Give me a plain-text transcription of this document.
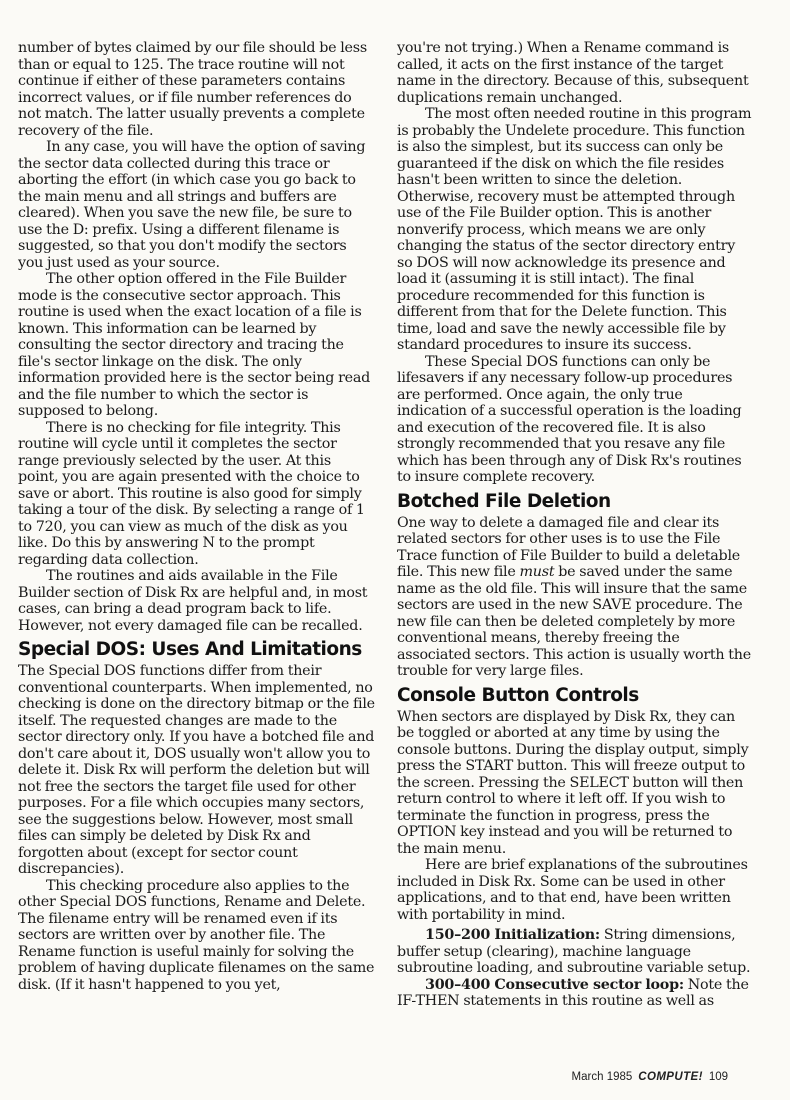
number of bytes claimed by our file should be less than or equal to 125. The trace routine will not continue if either of these parameters contains incorrect values, or if file number references do not match. The latter usually prevents a complete recovery of the file.

In any case, you will have the option of saving the sector data collected during this trace or aborting the effort (in which case you go back to the main menu and all strings and buffers are cleared). When you save the new file, be sure to use the D: prefix. Using a different filename is suggested, so that you don't modify the sectors you just used as your source.

The other option offered in the File Builder mode is the consecutive sector approach. This routine is used when the exact location of a file is known. This information can be learned by consulting the sector directory and tracing the file's sector linkage on the disk. The only information provided here is the sector being read and the file number to which the sector is supposed to belong.

There is no checking for file integrity. This routine will cycle until it completes the sector range previously selected by the user. At this point, you are again presented with the choice to save or abort. This routine is also good for simply taking a tour of the disk. By selecting a range of 1 to 720, you can view as much of the disk as you like. Do this by answering N to the prompt regarding data collection.

The routines and aids available in the File Builder section of Disk Rx are helpful and, in most cases, can bring a dead program back to life. However, not every damaged file can be recalled.

Special DOS: Uses And Limitations

The Special DOS functions differ from their conventional counterparts. When implemented, no checking is done on the directory bitmap or the file itself. The requested changes are made to the sector directory only. If you have a botched file and don't care about it, DOS usually won't allow you to delete it. Disk Rx will perform the deletion but will not free the sectors the target file used for other purposes. For a file which occupies many sectors, see the suggestions below. However, most small files can simply be deleted by Disk Rx and forgotten about (except for sector count discrepancies).

This checking procedure also applies to the other Special DOS functions, Rename and Delete. The filename entry will be renamed even if its sectors are written over by another file. The Rename function is useful mainly for solving the problem of having duplicate filenames on the same disk. (If it hasn't happened to you yet,

you're not trying.) When a Rename command is called, it acts on the first instance of the target name in the directory. Because of this, subsequent duplications remain unchanged.

The most often needed routine in this program is probably the Undelete procedure. This function is also the simplest, but its success can only be guaranteed if the disk on which the file resides hasn't been written to since the deletion. Otherwise, recovery must be attempted through use of the File Builder option. This is another nonverify process, which means we are only changing the status of the sector directory entry so DOS will now acknowledge its presence and load it (assuming it is still intact). The final procedure recommended for this function is different from that for the Delete function. This time, load and save the newly accessible file by standard procedures to insure its success.

These Special DOS functions can only be lifesavers if any necessary follow-up procedures are performed. Once again, the only true indication of a successful operation is the loading and execution of the recovered file. It is also strongly recommended that you resave any file which has been through any of Disk Rx's routines to insure complete recovery.

Botched File Deletion

One way to delete a damaged file and clear its related sectors for other uses is to use the File Trace function of File Builder to build a deletable file. This new file must be saved under the same name as the old file. This will insure that the same sectors are used in the new SAVE procedure. The new file can then be deleted completely by more conventional means, thereby freeing the associated sectors. This action is usually worth the trouble for very large files.

Console Button Controls

When sectors are displayed by Disk Rx, they can be toggled or aborted at any time by using the console buttons. During the display output, simply press the START button. This will freeze output to the screen. Pressing the SELECT button will then return control to where it left off. If you wish to terminate the function in progress, press the OPTION key instead and you will be returned to the main menu.

Here are brief explanations of the subroutines included in Disk Rx. Some can be used in other applications, and to that end, have been written with portability in mind.

150–200 Initialization: String dimensions, buffer setup (clearing), machine language subroutine loading, and subroutine variable setup.

300–400 Consecutive sector loop: Note the IF-THEN statements in this routine as well as

March 1985 COMPUTE! 109
